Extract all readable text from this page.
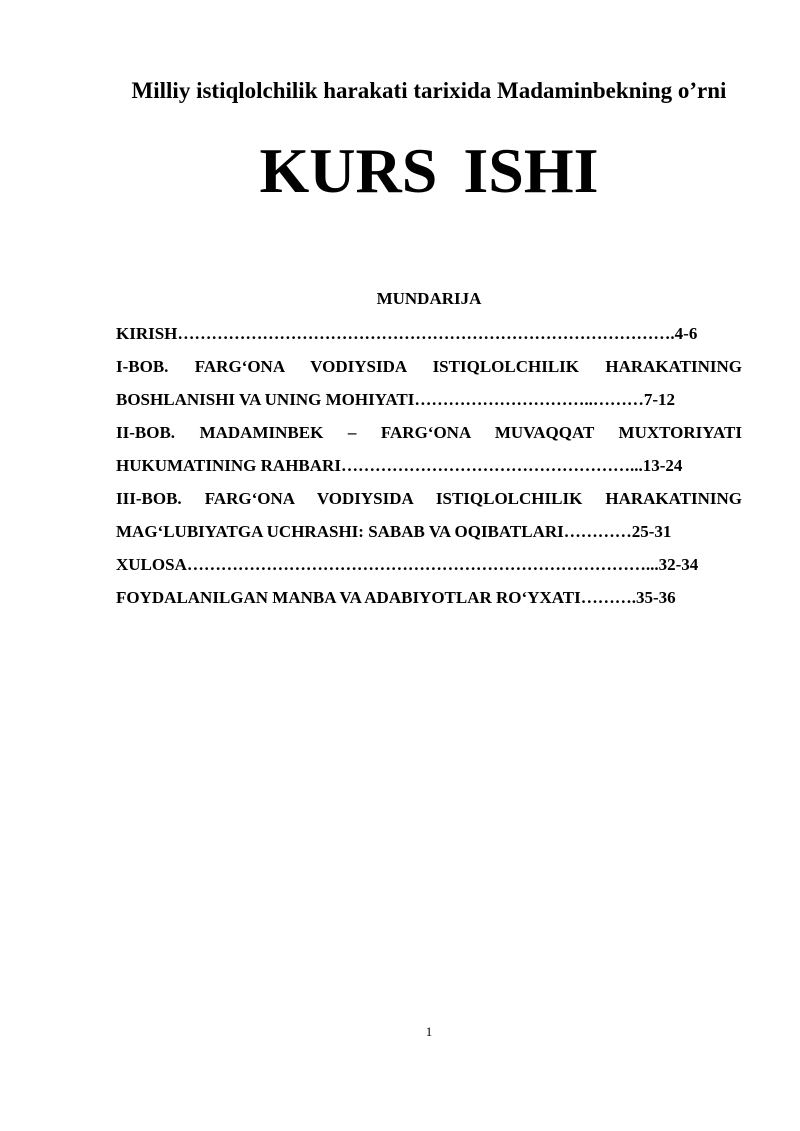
Milliy istiqlolchilik harakati tarixida Madaminbekning o’rni
KURS ISHI
MUNDARIJA
KIRISH…………………………………………………………………………….4-6
I-BOB. FARG‘ONA VODIYSIDA ISTIQLOLCHILIK HARAKATINING
BOSHLANISHI VA UNING MOHIYATI…………………………..………7-12
II-BOB. MADAMINBEK – FARG‘ONA MUVAQQAT MUXTORIYATI
HUKUMATINING RAHBARI……………………………………………...13-24
III-BOB. FARG‘ONA VODIYSIDA ISTIQLOLCHILIK HARAKATINING
MAG‘LUBIYATGA UCHRASHI: SABAB VA OQIBATLARI…………25-31
XULOSA………………………………………………………………………...32-34
FOYDALANILGAN MANBA VA ADABIYOTLAR RO‘YXATI……….35-36
1
